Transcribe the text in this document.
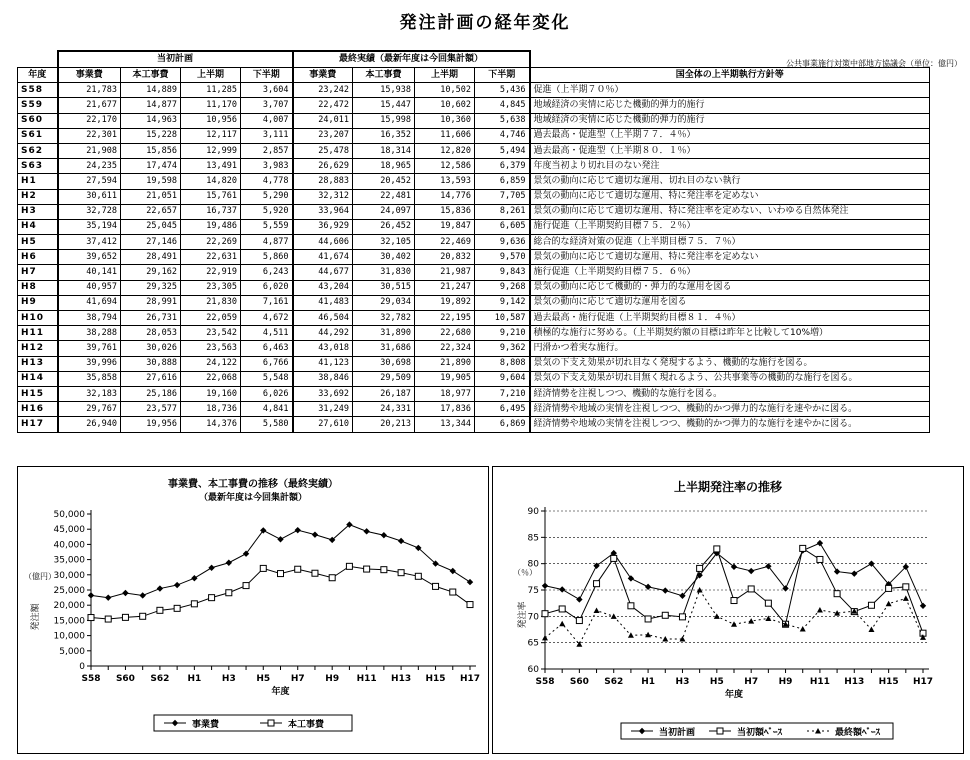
発注計画の経年変化
公共事業施行対策中部地方協議会（単位：億円）
	当初計画				最終実績（最新年度は今回集計額）				
年度	事業費	本工事費	上半期	下半期	事業費	本工事費	上半期	下半期	国全体の上半期執行方針等
S58	21,783	14,889	11,285	3,604	23,242	15,938	10,502	5,436	促進（上半期７０％）
S59	21,677	14,877	11,170	3,707	22,472	15,447	10,602	4,845	地域経済の実情に応じた機動的弾力的施行
S60	22,170	14,963	10,956	4,007	24,011	15,998	10,360	5,638	地域経済の実情に応じた機動的弾力的施行
S61	22,301	15,228	12,117	3,111	23,207	16,352	11,606	4,746	過去最高・促進型（上半期７７．４％）
S62	21,908	15,856	12,999	2,857	25,478	18,314	12,820	5,494	過去最高・促進型（上半期８０．１％）
S63	24,235	17,474	13,491	3,983	26,629	18,965	12,586	6,379	年度当初より切れ目のない発注
H1	27,594	19,598	14,820	4,778	28,883	20,452	13,593	6,859	景気の動向に応じて適切な運用、切れ目のない執行
H2	30,611	21,051	15,761	5,290	32,312	22,481	14,776	7,705	景気の動向に応じて適切な運用、特に発注率を定めない
H3	32,728	22,657	16,737	5,920	33,964	24,097	15,836	8,261	景気の動向に応じて適切な運用、特に発注率を定めない、いわゆる自然体発注
H4	35,194	25,045	19,486	5,559	36,929	26,452	19,847	6,605	施行促進（上半期契約目標７５．２％）
H5	37,412	27,146	22,269	4,877	44,606	32,105	22,469	9,636	総合的な経済対策の促進（上半期目標７５．７％）
H6	39,652	28,491	22,631	5,860	41,674	30,402	20,832	9,570	景気の動向に応じて適切な運用、特に発注率を定めない
H7	40,141	29,162	22,919	6,243	44,677	31,830	21,987	9,843	施行促進（上半期契約目標７５．６％）
H8	40,957	29,325	23,305	6,020	43,204	30,515	21,247	9,268	景気の動向に応じて機動的・弾力的な運用を図る
H9	41,694	28,991	21,830	7,161	41,483	29,034	19,892	9,142	景気の動向に応じて適切な運用を図る
H10	38,794	26,731	22,059	4,672	46,504	32,782	22,195	10,587	過去最高・施行促進（上半期契約目標８１．４％）
H11	38,288	28,053	23,542	4,511	44,292	31,890	22,680	9,210	積極的な施行に努める。（上半期契約額の目標は昨年と比較して10%増）
H12	39,761	30,026	23,563	6,463	43,018	31,686	22,324	9,362	円滑かつ着実な施行。
H13	39,996	30,888	24,122	6,766	41,123	30,698	21,890	8,808	景気の下支え効果が切れ目なく発現するよう、機動的な施行を図る。
H14	35,858	27,616	22,068	5,548	38,846	29,509	19,905	9,604	景気の下支え効果が切れ目無く現れるよう、公共事業等の機動的な施行を図る。
H15	32,183	25,186	19,160	6,026	33,692	26,187	18,977	7,210	経済情勢を注視しつつ、機動的な施行を図る。
H16	29,767	23,577	18,736	4,841	31,249	24,331	17,836	6,495	経済情勢や地域の実情を注視しつつ、機動的かつ弾力的な施行を速やかに図る。
H17	26,940	19,956	14,376	5,580	27,610	20,213	13,344	6,869	経済情勢や地域の実情を注視しつつ、機動的かつ弾力的な施行を速やかに図る。
事業費、本工事費の推移（最終実績）
（最新年度は今回集計額）
0
5,000
10,000
15,000
20,000
25,000
30,000
35,000
40,000
45,000
50,000
S58 S60 S62 H1 H3 H5 H7 H9 H11 H13 H15 H17
年度
（億円）
発注額
事業費	本工事費
上半期発注率の推移
60
65
70
75
80
85
90
S58 S60 S62 H1 H3 H5 H7 H9 H11 H13 H15 H17
年度
（％）
発注率
当初計画	当初額ﾍﾞｰｽ	最終額ﾍﾞｰｽ
